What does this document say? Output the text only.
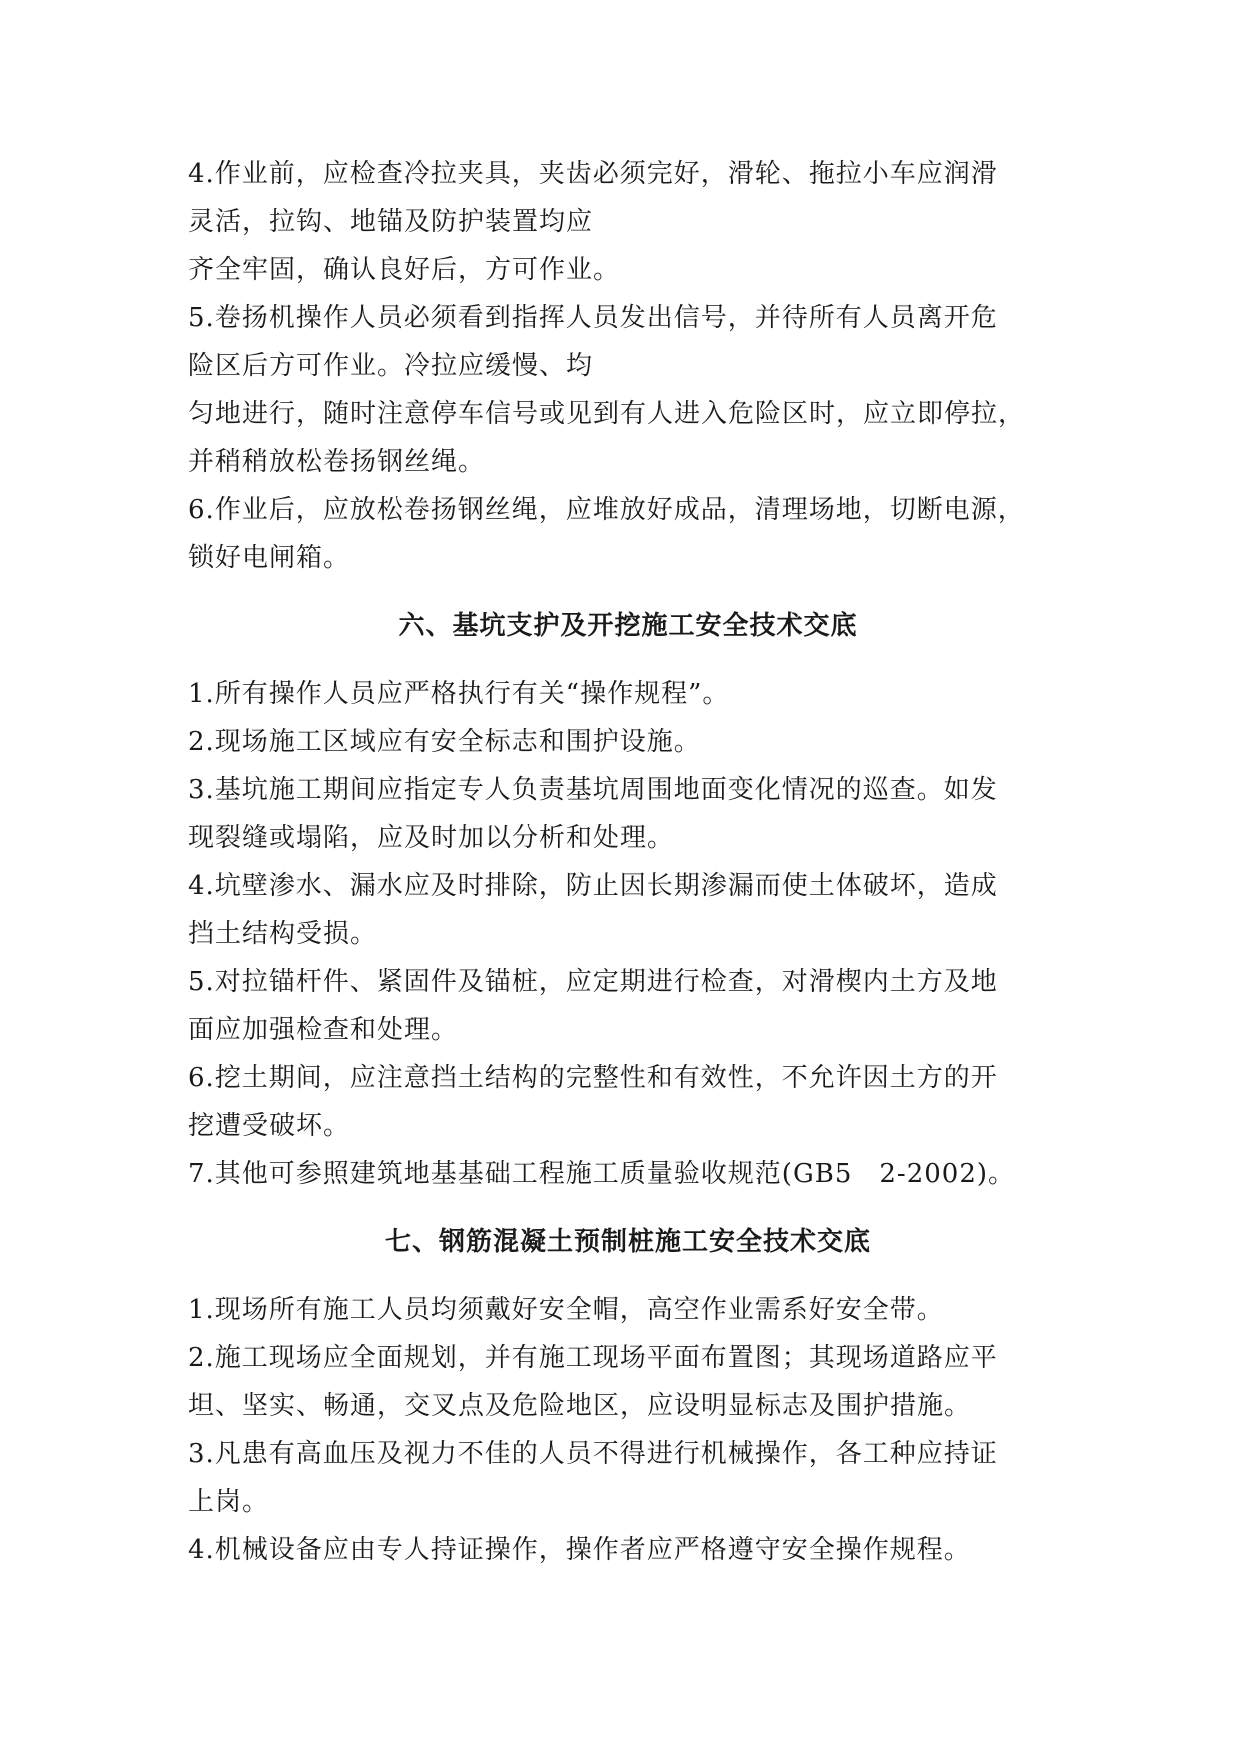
4.作业前，应检查冷拉夹具，夹齿必须完好，滑轮、拖拉小车应润滑
灵活，拉钩、地锚及防护装置均应
齐全牢固，确认良好后，方可作业。

5.卷扬机操作人员必须看到指挥人员发出信号，并待所有人员离开危
险区后方可作业。冷拉应缓慢、均
匀地进行，随时注意停车信号或见到有人进入危险区时，应立即停拉，
并稍稍放松卷扬钢丝绳。

6.作业后，应放松卷扬钢丝绳，应堆放好成品，清理场地，切断电源，
锁好电闸箱。

六、基坑支护及开挖施工安全技术交底

1.所有操作人员应严格执行有关“操作规程”。

2.现场施工区域应有安全标志和围护设施。

3.基坑施工期间应指定专人负责基坑周围地面变化情况的巡查。如发
现裂缝或塌陷，应及时加以分析和处理。

4.坑壁渗水、漏水应及时排除，防止因长期渗漏而使土体破坏，造成
挡土结构受损。

5.对拉锚杆件、紧固件及锚桩，应定期进行检查，对滑楔内土方及地
面应加强检查和处理。

6.挖土期间，应注意挡土结构的完整性和有效性，不允许因土方的开
挖遭受破坏。

7.其他可参照建筑地基基础工程施工质量验收规范(GB5　2-2002)。

七、钢筋混凝土预制桩施工安全技术交底

1.现场所有施工人员均须戴好安全帽，高空作业需系好安全带。

2.施工现场应全面规划，并有施工现场平面布置图；其现场道路应平
坦、坚实、畅通，交叉点及危险地区，应设明显标志及围护措施。

3.凡患有高血压及视力不佳的人员不得进行机械操作，各工种应持证
上岗。

4.机械设备应由专人持证操作，操作者应严格遵守安全操作规程。
